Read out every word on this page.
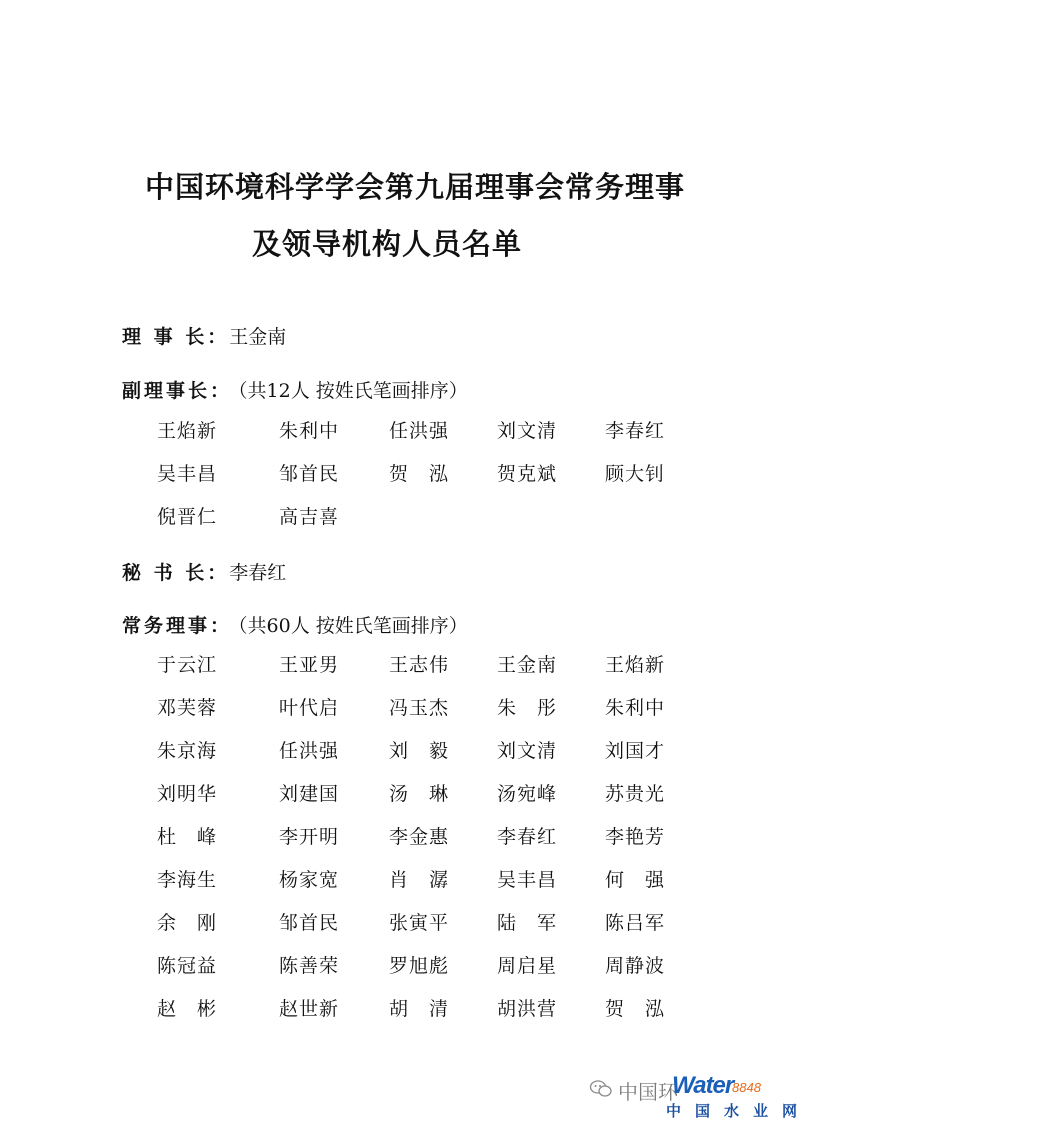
中国环境科学学会第九届理事会常务理事
及领导机构人员名单
理 事 长：王金南
副理事长： （共12人 按姓氏笔画排序）
王焰新	朱利中	任洪强	刘文清	李春红
吴丰昌	邹首民	贺　泓	贺克斌	顾大钊
倪晋仁	高吉喜
秘 书 长：李春红
常务理事： （共60人 按姓氏笔画排序）
于云江	王亚男	王志伟	王金南	王焰新
邓芙蓉	叶代启	冯玉杰	朱　彤	朱利中
朱京海	任洪强	刘　毅	刘文清	刘国才
刘明华	刘建国	汤　琳	汤宛峰	苏贵光
杜　峰	李开明	李金惠	李春红	李艳芳
李海生	杨家宽	肖　潺	吴丰昌	何　强
余　刚	邹首民	张寅平	陆　军	陈吕军
陈冠益	陈善荣	罗旭彪	周启星	周静波
赵　彬	赵世新	胡　清	胡洪营	贺　泓
中国环
Water
8848
中国水业网
